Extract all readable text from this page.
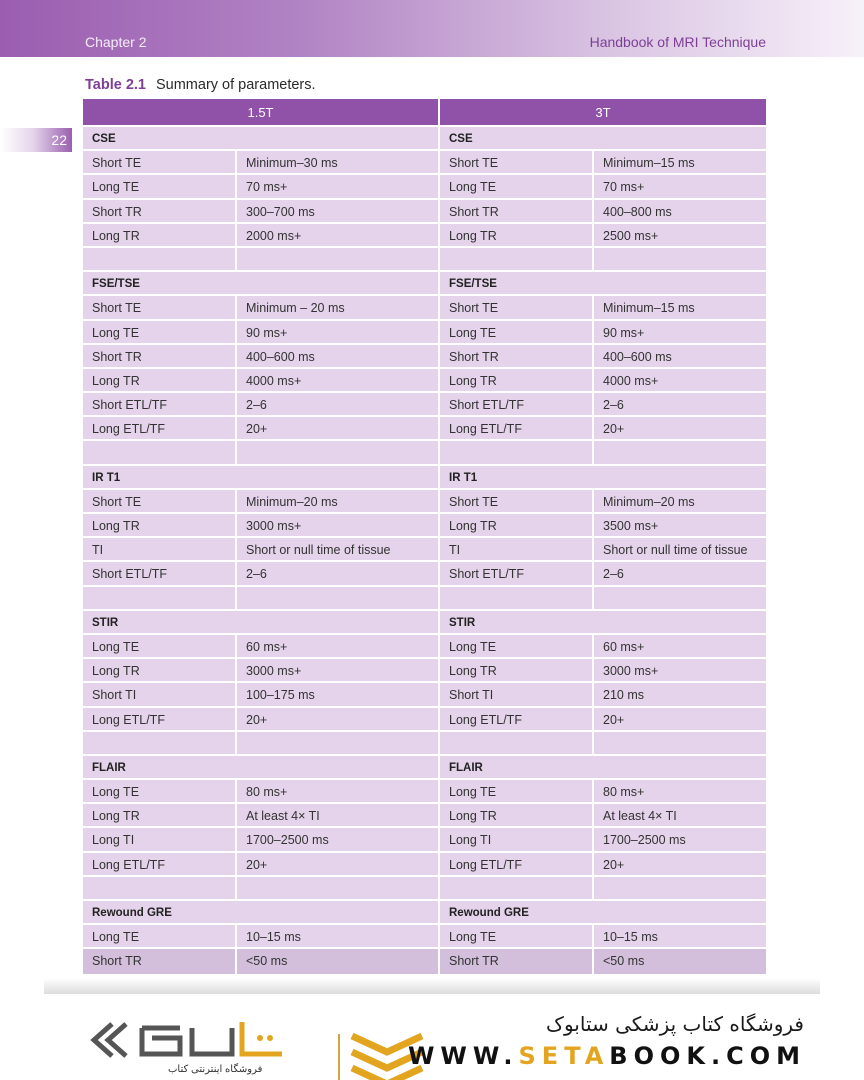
Chapter 2	Handbook of MRI Technique
22
Table 2.1 Summary of parameters.
1.5T	3T
CSE	CSE
Short TE	Minimum–30 ms	Short TE	Minimum–15 ms
Long TE	70 ms+	Long TE	70 ms+
Short TR	300–700 ms	Short TR	400–800 ms
Long TR	2000 ms+	Long TR	2500 ms+
FSE/TSE	FSE/TSE
Short TE	Minimum – 20 ms	Short TE	Minimum–15 ms
Long TE	90 ms+	Long TE	90 ms+
Short TR	400–600 ms	Short TR	400–600 ms
Long TR	4000 ms+	Long TR	4000 ms+
Short ETL/TF	2–6	Short ETL/TF	2–6
Long ETL/TF	20+	Long ETL/TF	20+
IR T1	IR T1
Short TE	Minimum–20 ms	Short TE	Minimum–20 ms
Long TR	3000 ms+	Long TR	3500 ms+
TI	Short or null time of tissue	TI	Short or null time of tissue
Short ETL/TF	2–6	Short ETL/TF	2–6
STIR	STIR
Long TE	60 ms+	Long TE	60 ms+
Long TR	3000 ms+	Long TR	3000 ms+
Short TI	100–175 ms	Short TI	210 ms
Long ETL/TF	20+	Long ETL/TF	20+
FLAIR	FLAIR
Long TE	80 ms+	Long TE	80 ms+
Long TR	At least 4× TI	Long TR	At least 4× TI
Long TI	1700–2500 ms	Long TI	1700–2500 ms
Long ETL/TF	20+	Long ETL/TF	20+
Rewound GRE	Rewound GRE
Long TE	10–15 ms	Long TE	10–15 ms
Short TR	<50 ms	Short TR	<50 ms
فروشگاه اینترنتی کتاب
فروشگاه کتاب پزشکی ستابوک
WWW.SETABOOK.COM
